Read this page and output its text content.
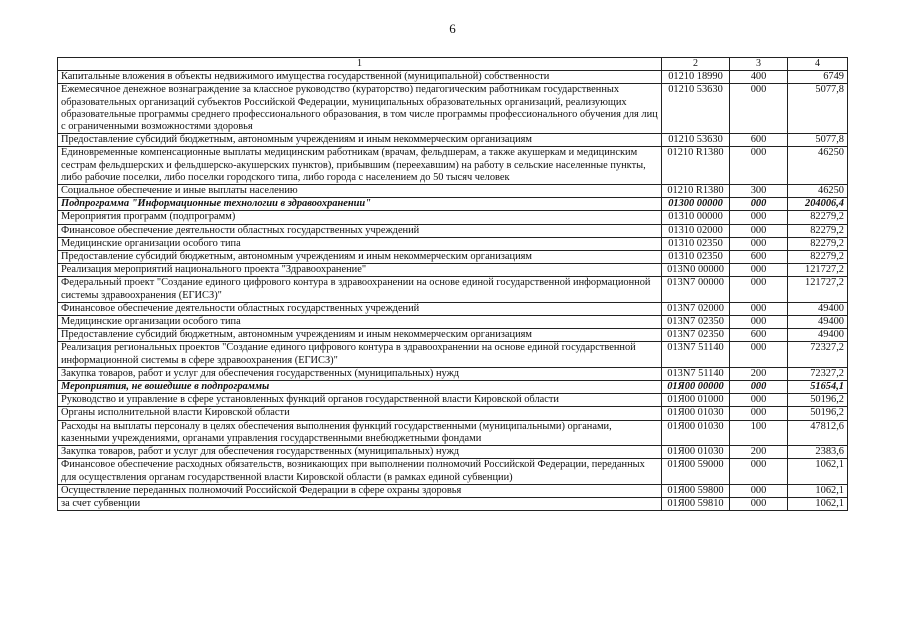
6
1	2	3	4
Капитальные вложения в объекты недвижимого имущества государственной (муниципальной) собственности	01210 18990	400	6749
Ежемесячное денежное вознаграждение за классное руководство (кураторство) педагогическим работникам государственных образовательных организаций субъектов Российской Федерации, муниципальных образовательных организаций, реализующих образовательные программы среднего профессионального образования, в том числе программы профессионального обучения для лиц с ограниченными возможностями здоровья	01210 53630	000	5077,8
Предоставление субсидий бюджетным, автономным учреждениям и иным некоммерческим организациям	01210 53630	600	5077,8
Единовременные компенсационные выплаты медицинским работникам (врачам, фельдшерам, а также акушеркам и медицинским сестрам фельдшерских и фельдшерско-акушерских пунктов), прибывшим (переехавшим) на работу в сельские населенные пункты, либо рабочие поселки, либо поселки городского типа, либо города с населением до 50 тысяч человек	01210 R1380	000	46250
Социальное обеспечение и иные выплаты населению	01210 R1380	300	46250
Подпрограмма "Информационные технологии в здравоохранении"	01300 00000	000	204006,4
Мероприятия программ (подпрограмм)	01310 00000	000	82279,2
Финансовое обеспечение деятельности областных государственных учреждений	01310 02000	000	82279,2
Медицинские организации особого типа	01310 02350	000	82279,2
Предоставление субсидий бюджетным, автономным учреждениям и иным некоммерческим организациям	01310 02350	600	82279,2
Реализация мероприятий национального проекта "Здравоохранение"	013N0 00000	000	121727,2
Федеральный проект "Создание единого цифрового контура в здравоохранении на основе единой государственной информационной системы здравоохранения (ЕГИСЗ)"	013N7 00000	000	121727,2
Финансовое обеспечение деятельности областных государственных учреждений	013N7 02000	000	49400
Медицинские организации особого типа	013N7 02350	000	49400
Предоставление субсидий бюджетным, автономным учреждениям и иным некоммерческим организациям	013N7 02350	600	49400
Реализация региональных проектов "Создание единого цифрового контура в здравоохранении на основе единой государственной информационной системы в сфере здравоохранения (ЕГИСЗ)"	013N7 51140	000	72327,2
Закупка товаров, работ и услуг для обеспечения государственных (муниципальных) нужд	013N7 51140	200	72327,2
Мероприятия, не вошедшие в подпрограммы	01Я00 00000	000	51654,1
Руководство и управление в сфере установленных функций органов государственной власти Кировской области	01Я00 01000	000	50196,2
Органы исполнительной власти Кировской области	01Я00 01030	000	50196,2
Расходы на выплаты персоналу в целях обеспечения выполнения функций государственными (муниципальными) органами, казенными учреждениями, органами управления государственными внебюджетными фондами	01Я00 01030	100	47812,6
Закупка товаров, работ и услуг для обеспечения государственных (муниципальных) нужд	01Я00 01030	200	2383,6
Финансовое обеспечение расходных обязательств, возникающих при выполнении полномочий Российской Федерации, переданных для осуществления органам государственной власти Кировской области (в рамках единой субвенции)	01Я00 59000	000	1062,1
Осуществление переданных полномочий Российской Федерации в сфере охраны здоровья	01Я00 59800	000	1062,1
за счет субвенции	01Я00 59810	000	1062,1
